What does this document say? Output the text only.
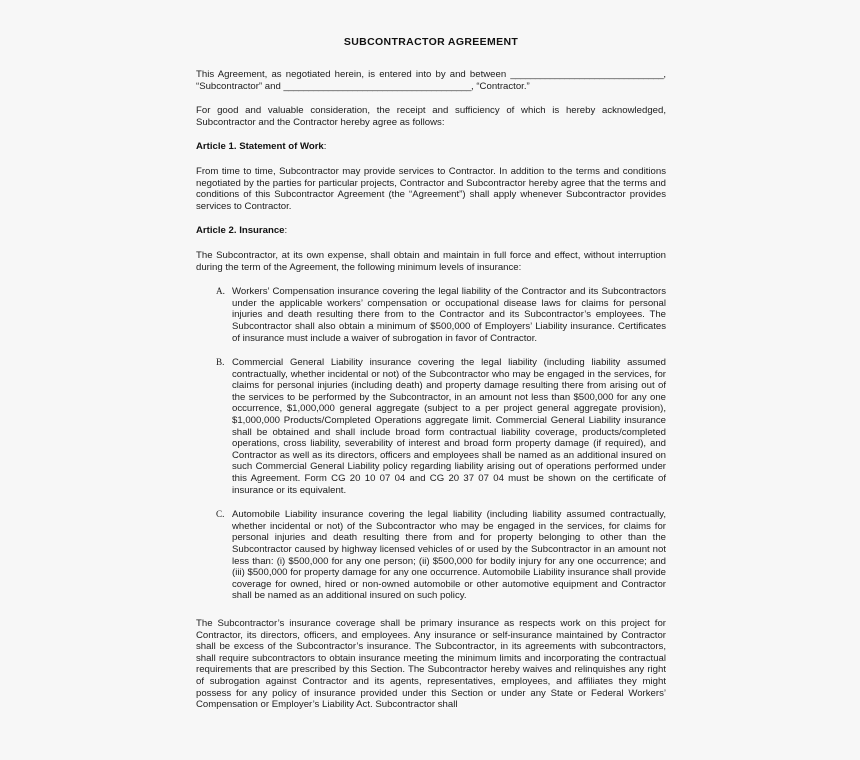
SUBCONTRACTOR AGREEMENT

This Agreement, as negotiated herein, is entered into by and between _______________________________, “Subcontractor” and ______________________________________, “Contractor.”

For good and valuable consideration, the receipt and sufficiency of which is hereby acknowledged, Subcontractor and the Contractor hereby agree as follows:

Article 1. Statement of Work:

From time to time, Subcontractor may provide services to Contractor. In addition to the terms and conditions negotiated by the parties for particular projects, Contractor and Subcontractor hereby agree that the terms and conditions of this Subcontractor Agreement (the “Agreement”) shall apply whenever Subcontractor provides services to Contractor.

Article 2. Insurance:

The Subcontractor, at its own expense, shall obtain and maintain in full force and effect, without interruption during the term of the Agreement, the following minimum levels of insurance:

A. Workers’ Compensation insurance covering the legal liability of the Contractor and its Subcontractors under the applicable workers’ compensation or occupational disease laws for claims for personal injuries and death resulting there from to the Contractor and its Subcontractor’s employees. The Subcontractor shall also obtain a minimum of $500,000 of Employers’ Liability insurance. Certificates of insurance must include a waiver of subrogation in favor of Contractor.
B. Commercial General Liability insurance covering the legal liability (including liability assumed contractually, whether incidental or not) of the Subcontractor who may be engaged in the services, for claims for personal injuries (including death) and property damage resulting there from arising out of the services to be performed by the Subcontractor, in an amount not less than $500,000 for any one occurrence, $1,000,000 general aggregate (subject to a per project general aggregate provision), $1,000,000 Products/Completed Operations aggregate limit. Commercial General Liability insurance shall be obtained and shall include broad form contractual liability coverage, products/completed operations, cross liability, severability of interest and broad form property damage (if required), and Contractor as well as its directors, officers and employees shall be named as an additional insured on such Commercial General Liability policy regarding liability arising out of operations performed under this Agreement. Form CG 20 10 07 04 and CG 20 37 07 04 must be shown on the certificate of insurance or its equivalent.
C. Automobile Liability insurance covering the legal liability (including liability assumed contractually, whether incidental or not) of the Subcontractor who may be engaged in the services, for claims for personal injuries and death resulting there from and for property belonging to other than the Subcontractor caused by highway licensed vehicles of or used by the Subcontractor in an amount not less than: (i) $500,000 for any one person; (ii) $500,000 for bodily injury for any one occurrence; and (iii) $500,000 for property damage for any one occurrence. Automobile Liability insurance shall provide coverage for owned, hired or non-owned automobile or other automotive equipment and Contractor shall be named as an additional insured on such policy.

The Subcontractor’s insurance coverage shall be primary insurance as respects work on this project for Contractor, its directors, officers, and employees. Any insurance or self-insurance maintained by Contractor shall be excess of the Subcontractor’s insurance. The Subcontractor, in its agreements with subcontractors, shall require subcontractors to obtain insurance meeting the minimum limits and incorporating the contractual requirements that are prescribed by this Section. The Subcontractor hereby waives and relinquishes any right of subrogation against Contractor and its agents, representatives, employees, and affiliates they might possess for any policy of insurance provided under this Section or under any State or Federal Workers’ Compensation or Employer’s Liability Act. Subcontractor shall
